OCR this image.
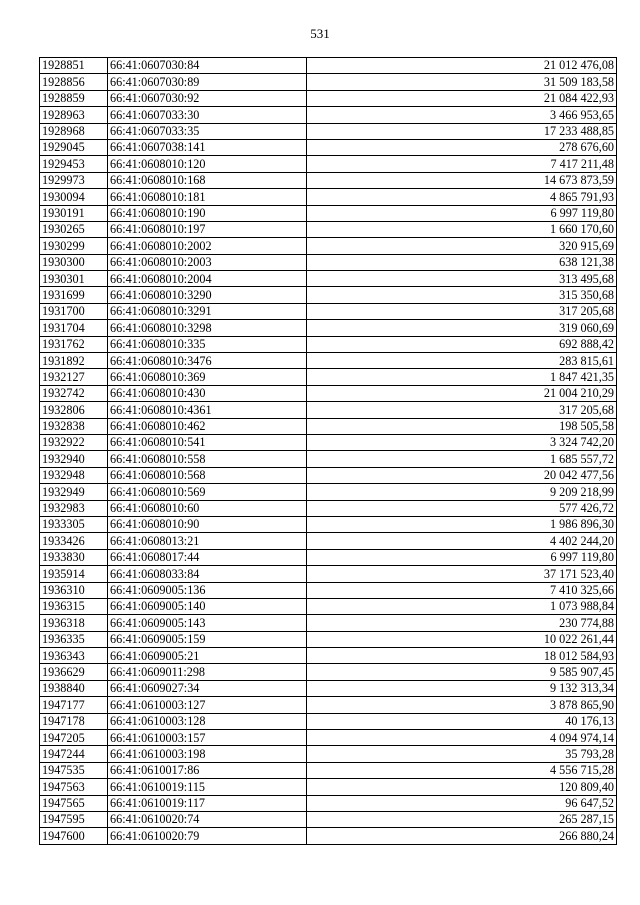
531
1928851	66:41:0607030:84	21 012 476,08
1928856	66:41:0607030:89	31 509 183,58
1928859	66:41:0607030:92	21 084 422,93
1928963	66:41:0607033:30	3 466 953,65
1928968	66:41:0607033:35	17 233 488,85
1929045	66:41:0607038:141	278 676,60
1929453	66:41:0608010:120	7 417 211,48
1929973	66:41:0608010:168	14 673 873,59
1930094	66:41:0608010:181	4 865 791,93
1930191	66:41:0608010:190	6 997 119,80
1930265	66:41:0608010:197	1 660 170,60
1930299	66:41:0608010:2002	320 915,69
1930300	66:41:0608010:2003	638 121,38
1930301	66:41:0608010:2004	313 495,68
1931699	66:41:0608010:3290	315 350,68
1931700	66:41:0608010:3291	317 205,68
1931704	66:41:0608010:3298	319 060,69
1931762	66:41:0608010:335	692 888,42
1931892	66:41:0608010:3476	283 815,61
1932127	66:41:0608010:369	1 847 421,35
1932742	66:41:0608010:430	21 004 210,29
1932806	66:41:0608010:4361	317 205,68
1932838	66:41:0608010:462	198 505,58
1932922	66:41:0608010:541	3 324 742,20
1932940	66:41:0608010:558	1 685 557,72
1932948	66:41:0608010:568	20 042 477,56
1932949	66:41:0608010:569	9 209 218,99
1932983	66:41:0608010:60	577 426,72
1933305	66:41:0608010:90	1 986 896,30
1933426	66:41:0608013:21	4 402 244,20
1933830	66:41:0608017:44	6 997 119,80
1935914	66:41:0608033:84	37 171 523,40
1936310	66:41:0609005:136	7 410 325,66
1936315	66:41:0609005:140	1 073 988,84
1936318	66:41:0609005:143	230 774,88
1936335	66:41:0609005:159	10 022 261,44
1936343	66:41:0609005:21	18 012 584,93
1936629	66:41:0609011:298	9 585 907,45
1938840	66:41:0609027:34	9 132 313,34
1947177	66:41:0610003:127	3 878 865,90
1947178	66:41:0610003:128	40 176,13
1947205	66:41:0610003:157	4 094 974,14
1947244	66:41:0610003:198	35 793,28
1947535	66:41:0610017:86	4 556 715,28
1947563	66:41:0610019:115	120 809,40
1947565	66:41:0610019:117	96 647,52
1947595	66:41:0610020:74	265 287,15
1947600	66:41:0610020:79	266 880,24
